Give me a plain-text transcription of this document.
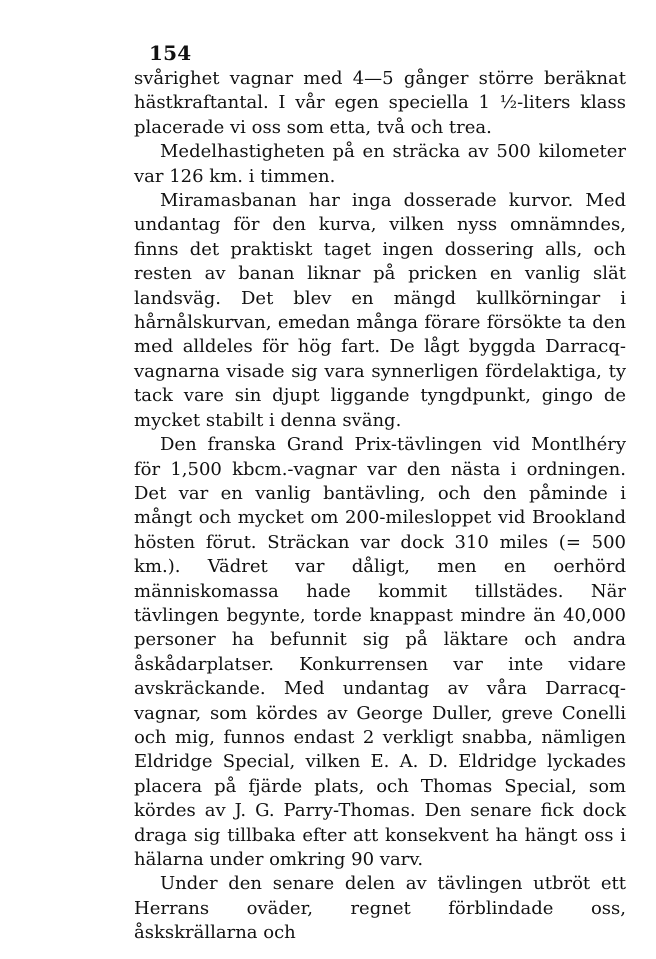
154

svårighet vagnar med 4—5 gånger större beräknat hästkraftantal. I vår egen speciella 1 ½-liters klass placerade vi oss som etta, två och trea.

Medelhastigheten på en sträcka av 500 kilometer var 126 km. i timmen.

Miramasbanan har inga dosserade kurvor. Med undantag för den kurva, vilken nyss omnämndes, finns det praktiskt taget ingen dossering alls, och resten av banan liknar på pricken en vanlig slät landsväg. Det blev en mängd kullkörningar i hårnålskurvan, emedan många förare försökte ta den med alldeles för hög fart. De lågt byggda Darracq-vagnarna visade sig vara synnerligen fördelaktiga, ty tack vare sin djupt liggande tyngdpunkt, gingo de mycket stabilt i denna sväng.

Den franska Grand Prix-tävlingen vid Montlhéry för 1,500 kbcm.-vagnar var den nästa i ordningen. Det var en vanlig bantävling, och den påminde i mångt och mycket om 200-milesloppet vid Brookland hösten förut. Sträckan var dock 310 miles (= 500 km.). Vädret var dåligt, men en oerhörd människomassa hade kommit tillstädes. När tävlingen begynte, torde knappast mindre än 40,000 personer ha befunnit sig på läktare och andra åskådarplatser. Konkurrensen var inte vidare avskräckande. Med undantag av våra Darracq-vagnar, som kördes av George Duller, greve Conelli och mig, funnos endast 2 verkligt snabba, nämligen Eldridge Special, vilken E. A. D. Eldridge lyckades placera på fjärde plats, och Thomas Special, som kördes av J. G. Parry-Thomas. Den senare fick dock draga sig tillbaka efter att konsekvent ha hängt oss i hälarna under omkring 90 varv.

Under den senare delen av tävlingen utbröt ett Herrans oväder, regnet förblindade oss, åskskrällarna och
